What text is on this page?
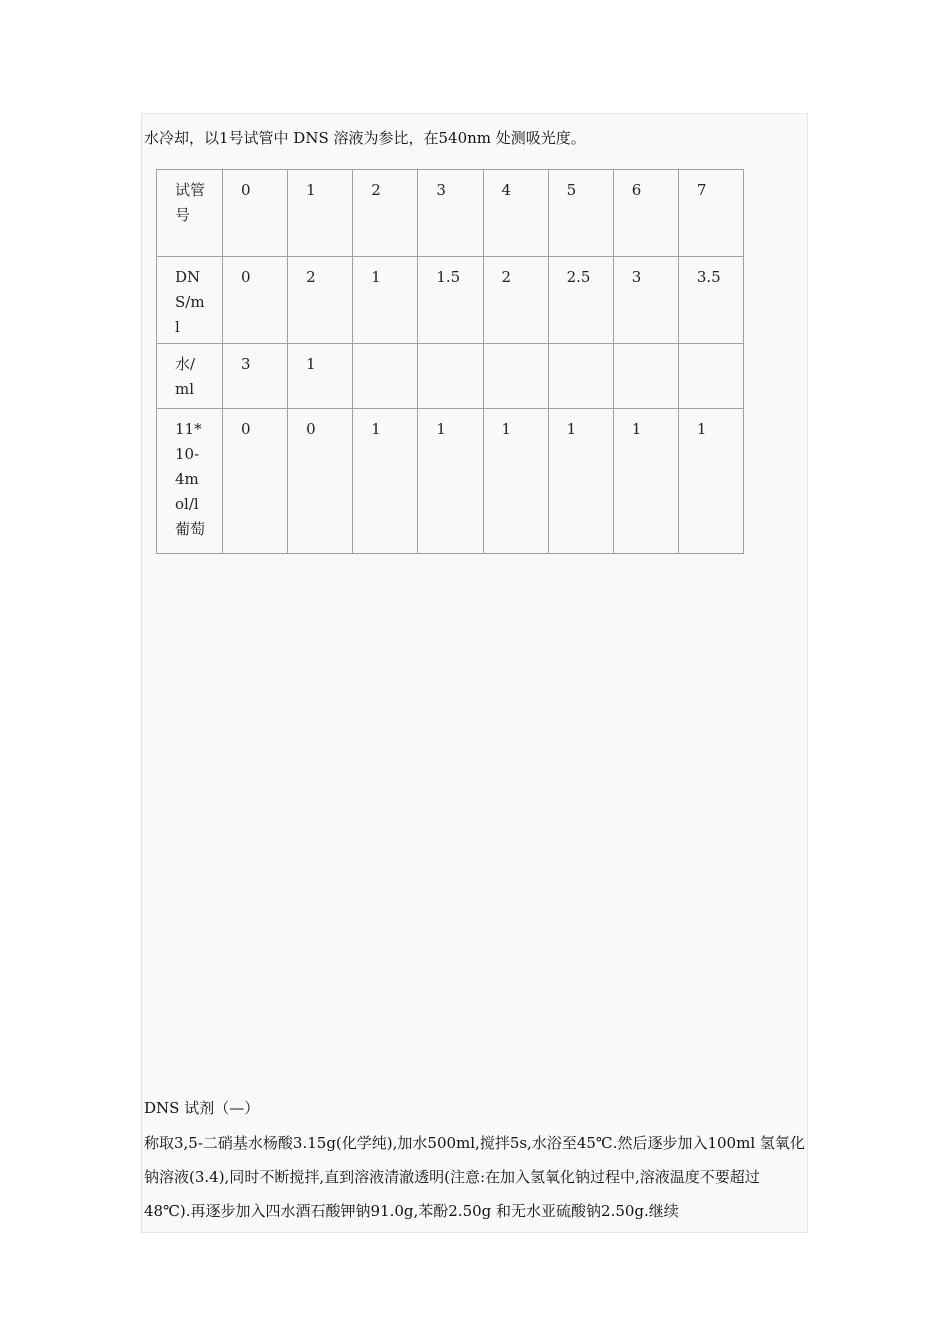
水冷却，以1号试管中 DNS 溶液为参比，在540nm 处测吸光度。
试管号	0	1	2	3	4	5	6	7

DNS/ml	0	2	1	1.5	2	2.5	3	3.5

水/ml	3	1						

11*10-4mol/l葡萄	0	0	1	1	1	1	1	1
DNS 试剂（—）
称取3,5-二硝基水杨酸3.15g(化学纯),加水500ml,搅拌5s,水浴至45℃.然后逐步加入100ml 氢氧化钠溶液(3.4),同时不断搅拌,直到溶液清澈透明(注意:在加入氢氧化钠过程中,溶液温度不要超过48℃).再逐步加入四水酒石酸钾钠91.0g,苯酚2.50g 和无水亚硫酸钠2.50g.继续
